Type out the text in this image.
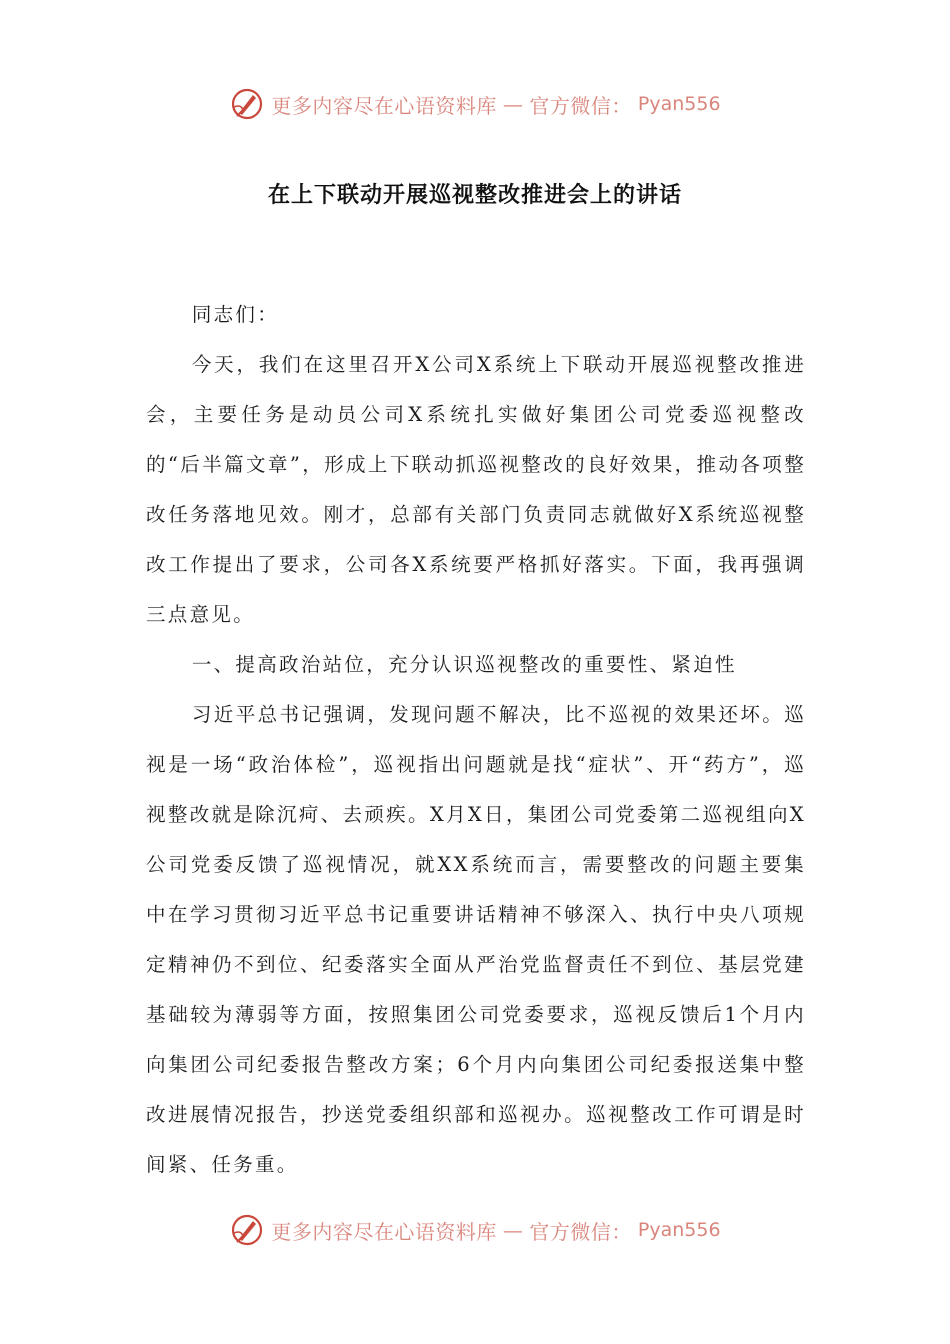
更多内容尽在心语资料库 — 官方微信： Pyan556
在上下联动开展巡视整改推进会上的讲话

同志们：

今天，我们在这里召开X公司X系统上下联动开展巡视整改推进会，主要任务是动员公司X系统扎实做好集团公司党委巡视整改的“后半篇文章”，形成上下联动抓巡视整改的良好效果，推动各项整改任务落地见效。刚才，总部有关部门负责同志就做好X系统巡视整改工作提出了要求，公司各X系统要严格抓好落实。下面，我再强调三点意见。

一、提高政治站位，充分认识巡视整改的重要性、紧迫性

习近平总书记强调，发现问题不解决，比不巡视的效果还坏。巡视是一场“政治体检”，巡视指出问题就是找“症状”、开“药方”，巡视整改就是除沉疴、去顽疾。X月X日，集团公司党委第二巡视组向X公司党委反馈了巡视情况，就XX系统而言，需要整改的问题主要集中在学习贯彻习近平总书记重要讲话精神不够深入、执行中央八项规定精神仍不到位、纪委落实全面从严治党监督责任不到位、基层党建基础较为薄弱等方面，按照集团公司党委要求，巡视反馈后1个月内向集团公司纪委报告整改方案；6个月内向集团公司纪委报送集中整改进展情况报告，抄送党委组织部和巡视办。巡视整改工作可谓是时间紧、任务重。

更多内容尽在心语资料库 — 官方微信： Pyan556
